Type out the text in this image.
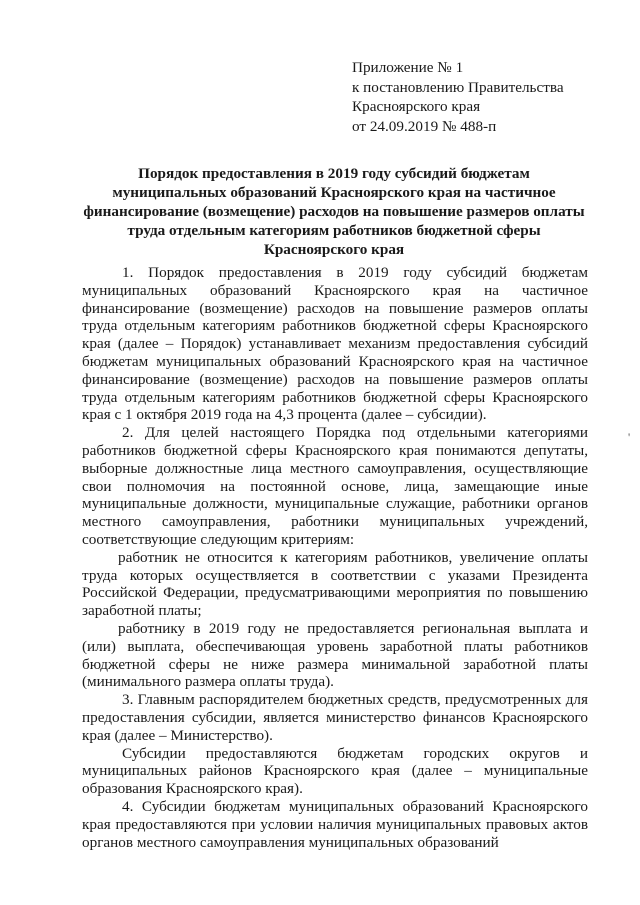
Приложение № 1
к постановлению Правительства
Красноярского края
от 24.09.2019 № 488-п
Порядок предоставления в 2019 году субсидий бюджетам
муниципальных образований Красноярского края на частичное
финансирование (возмещение) расходов на повышение размеров оплаты
труда отдельным категориям работников бюджетной сферы
Красноярского края

1. Порядок предоставления в 2019 году субсидий бюджетам муниципальных образований Красноярского края на частичное финансирование (возмещение) расходов на повышение размеров оплаты труда отдельным категориям работников бюджетной сферы Красноярского края (далее – Порядок) устанавливает механизм предоставления субсидий бюджетам муниципальных образований Красноярского края на частичное финансирование (возмещение) расходов на повышение размеров оплаты труда отдельным категориям работников бюджетной сферы Красноярского края с 1 октября 2019 года на 4,3 процента (далее – субсидии).

2. Для целей настоящего Порядка под отдельными категориями работников бюджетной сферы Красноярского края понимаются депутаты, выборные должностные лица местного самоуправления, осуществляющие свои полномочия на постоянной основе, лица, замещающие иные муниципальные должности, муниципальные служащие, работники органов местного самоуправления, работники муниципальных учреждений, соответствующие следующим критериям:

работник не относится к категориям работников, увеличение оплаты труда которых осуществляется в соответствии с указами Президента Российской Федерации, предусматривающими мероприятия по повышению заработной платы;

работнику в 2019 году не предоставляется региональная выплата и (или) выплата, обеспечивающая уровень заработной платы работников бюджетной сферы не ниже размера минимальной заработной платы (минимального размера оплаты труда).

3. Главным распорядителем бюджетных средств, предусмотренных для предоставления субсидии, является министерство финансов Красноярского края (далее – Министерство).

Субсидии предоставляются бюджетам городских округов и муниципальных районов Красноярского края (далее – муниципальные образования Красноярского края).

4. Субсидии бюджетам муниципальных образований Красноярского края предоставляются при условии наличия муниципальных правовых актов органов местного самоуправления муниципальных образований

'
